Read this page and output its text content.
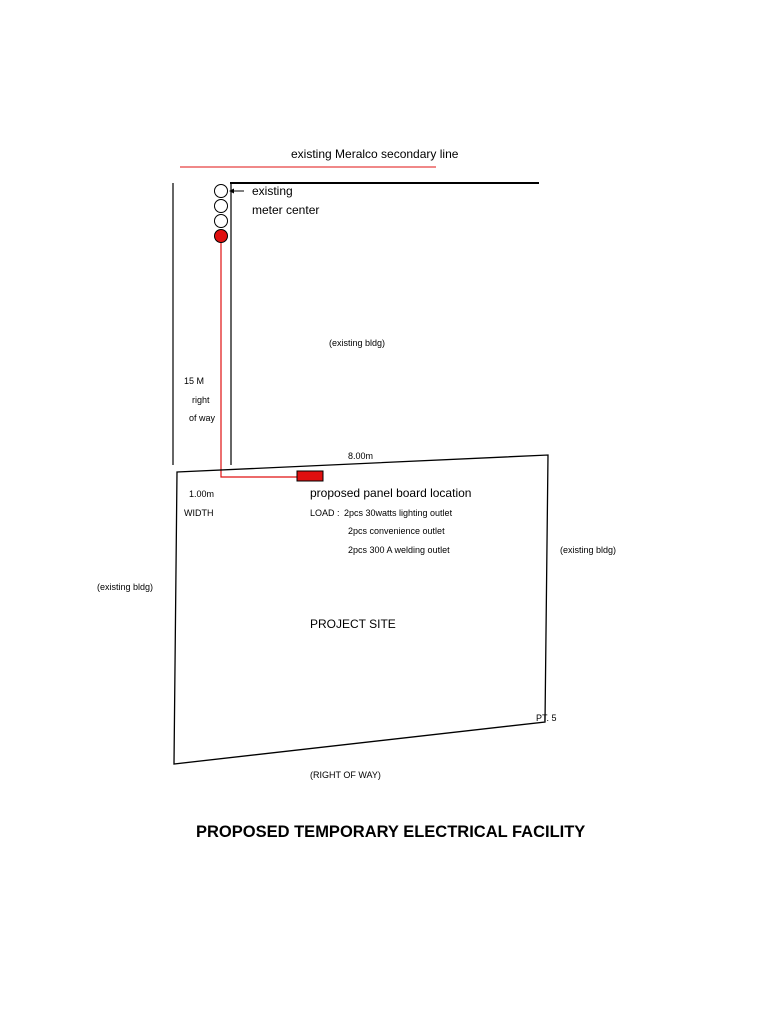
existing Meralco secondary line
existing
meter center
(existing bldg)
15 M
right
of way
8.00m
1.00m
WIDTH
proposed panel board location
LOAD : 2pcs 30watts lighting outlet
2pcs convenience outlet
2pcs 300 A welding outlet	(existing bldg)
(existing bldg)
PROJECT SITE
PT. 5
(RIGHT OF WAY)
PROPOSED TEMPORARY ELECTRICAL FACILITY
